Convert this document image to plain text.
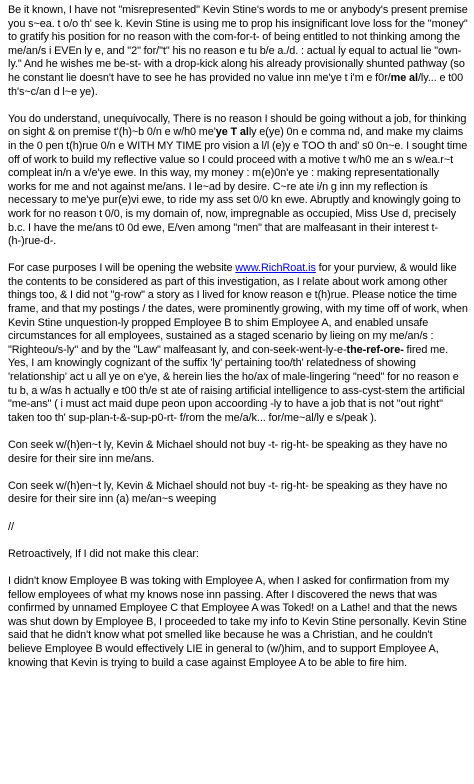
Be it known, I have not "misrepresented" Kevin Stine's words to me or anybody's present premise you s~ea. t o/o th' see k. Kevin Stine is using me to prop his insignificant love loss for the "money" to gratify his position for no reason with the com-for-t- of being entitled to not thinking among the me/an/s i EVEn ly e, and "2" for/"t" his no reason e tu b/e a./d. : actual ly equal to actual lie "own-ly." And he wishes me be-st- with a drop-kick along his already provisionally shunted pathway (so he constant lie doesn't have to see he has provided no value inn me'ye t i'm e f0r/me al/ly... e t00 th's~c/an d l~e ye).

You do understand, unequivocally, There is no reason I should be going without a job, for thinking on sight & on premise t'(h)~b 0/n e w/h0 me'ye T ally e(ye) 0n e comma nd, and make my claims in the 0 pen t(h)rue 0/n e WITH MY TIME pro vision a l/l (e)y e TOO th and' s0 0n~e. I sought time off of work to build my reflective value so I could proceed with a motive t w/h0 me an s w/ea.r~t compleat in/n a v/e'ye ewe. In this way, my money : m(e)0n'e ye : making representationally works for me and not against me/ans. I le~ad by desire. C~re ate i/n g inn my reflection is necessary to me'ye pur(e)vi ewe, to ride my ass set 0/0 kn ewe. Abruptly and knowingly going to work for no reason t 0/0, is my domain of, now, impregnable as occupied, Miss Use d, precisely b.c. I have the me/ans t0 0d ewe, E/ven among "men" that are malfeasant in their interest t-(h-)rue-d-.

For case purposes I will be opening the website www.RichRoat.is for your purview, & would like the contents to be considered as part of this investigation, as I relate about work among other things too, & I did not "g-row" a story as I lived for know reason e t(h)rue. Please notice the time frame, and that my postings / the dates, were prominently growing, with my time off of work, when Kevin Stine unquestion-ly propped Employee B to shim Employee A, and enabled unsafe circumstances for all employees, sustained as a staged scenario by lieing on my me/an/s : "Righteou/s-ly" and by the "Law" malfeasant ly, and con-seek-went-ly-e-the-ref-ore- fired me. Yes, I am knowingly cognizant of the suffix 'ly' pertaining too/th' relatedness of showing 'relationship' act u all ye on e'ye, & herein lies the ho/ax of male-lingering "need" for no reason e tu b, a w/as h actually e t00 th/e st ate of raising artificial intelligence to ass-cyst-stem the artificial "me-ans" ( i must act maid dupe peon upon accoording -ly to have a job that is not "out right" taken too th' sup-plan-t-&-sup-p0-rt- f/rom the me/a/k... for/me~al/ly e s/peak ).

Con seek w/(h)en~t ly, Kevin & Michael should not buy -t- rig-ht- be speaking as they have no desire for their sire inn me/ans.

Con seek w/(h)en~t ly, Kevin & Michael should not buy -t- rig-ht- be speaking as they have no desire for their sire inn (a) me/an~s weeping

//

Retroactively, If I did not make this clear:

I didn't know Employee B was toking with Employee A, when I asked for confirmation from my fellow employees of what my knows nose inn passing. After I discovered the news that was confirmed by unnamed Employee C that Employee A was Toked! on a Lathe! and that the news was shut down by Employee B, I proceeded to take my info to Kevin Stine personally. Kevin Stine said that he didn't know what pot smelled like because he was a Christian, and he couldn't believe Employee B would effectively LIE in general to (w/)him, and to support Employee A, knowing that Kevin is trying to build a case against Employee A to be able to fire him.
